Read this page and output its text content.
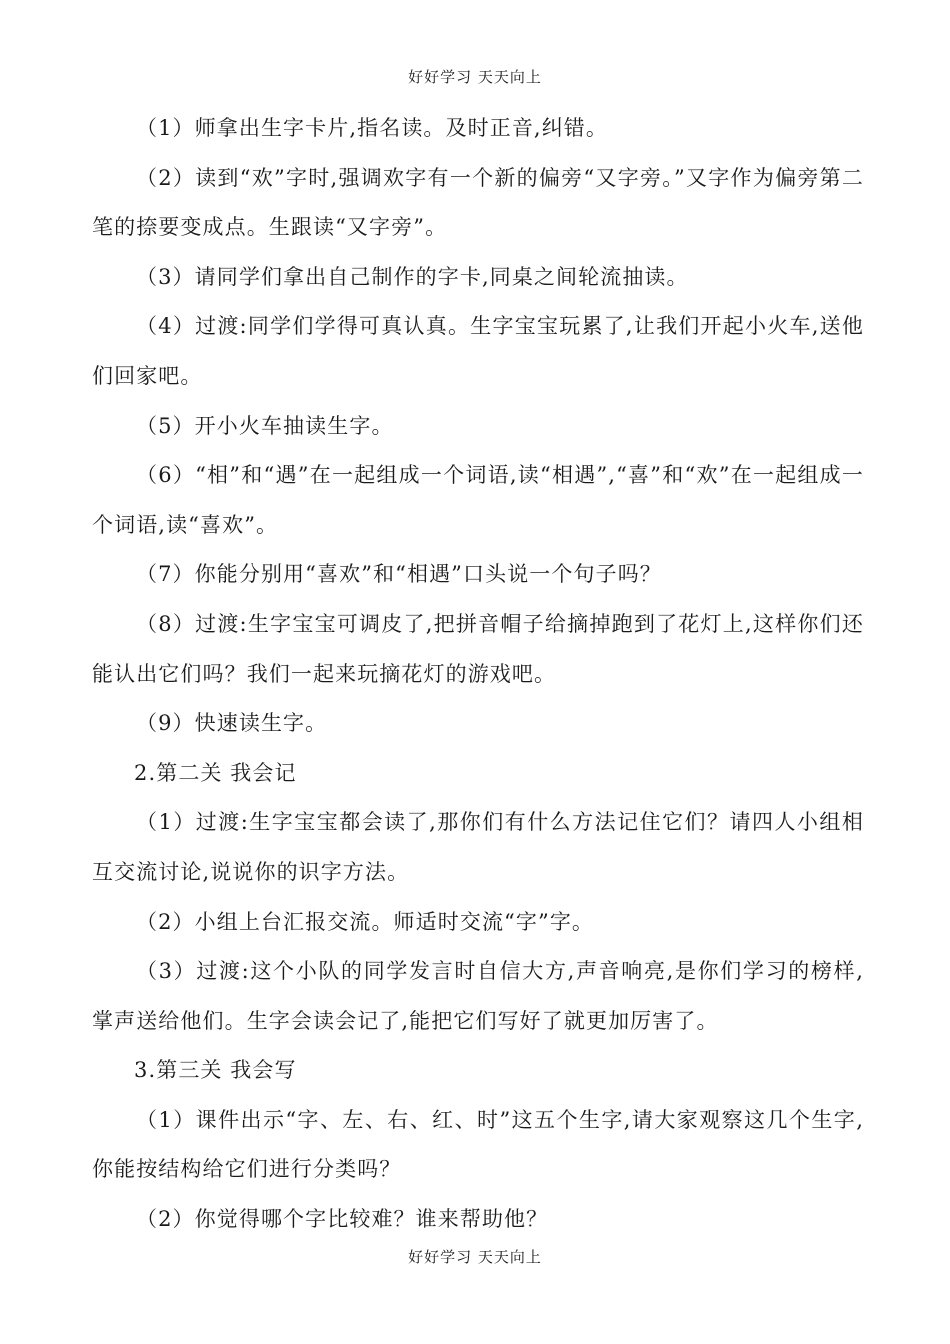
好好学习 天天向上

（1）师拿出生字卡片,指名读。及时正音,纠错。

（2）读到“欢”字时,强调欢字有一个新的偏旁“又字旁。”又字作为偏旁第二笔的捺要变成点。生跟读“又字旁”。

（3）请同学们拿出自己制作的字卡,同桌之间轮流抽读。

（4）过渡:同学们学得可真认真。生字宝宝玩累了,让我们开起小火车,送他们回家吧。

（5）开小火车抽读生字。

（6）“相”和“遇”在一起组成一个词语,读“相遇”,“喜”和“欢”在一起组成一个词语,读“喜欢”。

（7）你能分别用“喜欢”和“相遇”口头说一个句子吗？

（8）过渡:生字宝宝可调皮了,把拼音帽子给摘掉跑到了花灯上,这样你们还能认出它们吗？我们一起来玩摘花灯的游戏吧。

（9）快速读生字。

2.第二关 我会记

（1）过渡:生字宝宝都会读了,那你们有什么方法记住它们？请四人小组相互交流讨论,说说你的识字方法。

（2）小组上台汇报交流。师适时交流“字”字。

（3）过渡:这个小队的同学发言时自信大方,声音响亮,是你们学习的榜样,掌声送给他们。生字会读会记了,能把它们写好了就更加厉害了。

3.第三关 我会写

（1）课件出示“字、左、右、红、时”这五个生字,请大家观察这几个生字,你能按结构给它们进行分类吗？

（2）你觉得哪个字比较难？谁来帮助他？

好好学习 天天向上
